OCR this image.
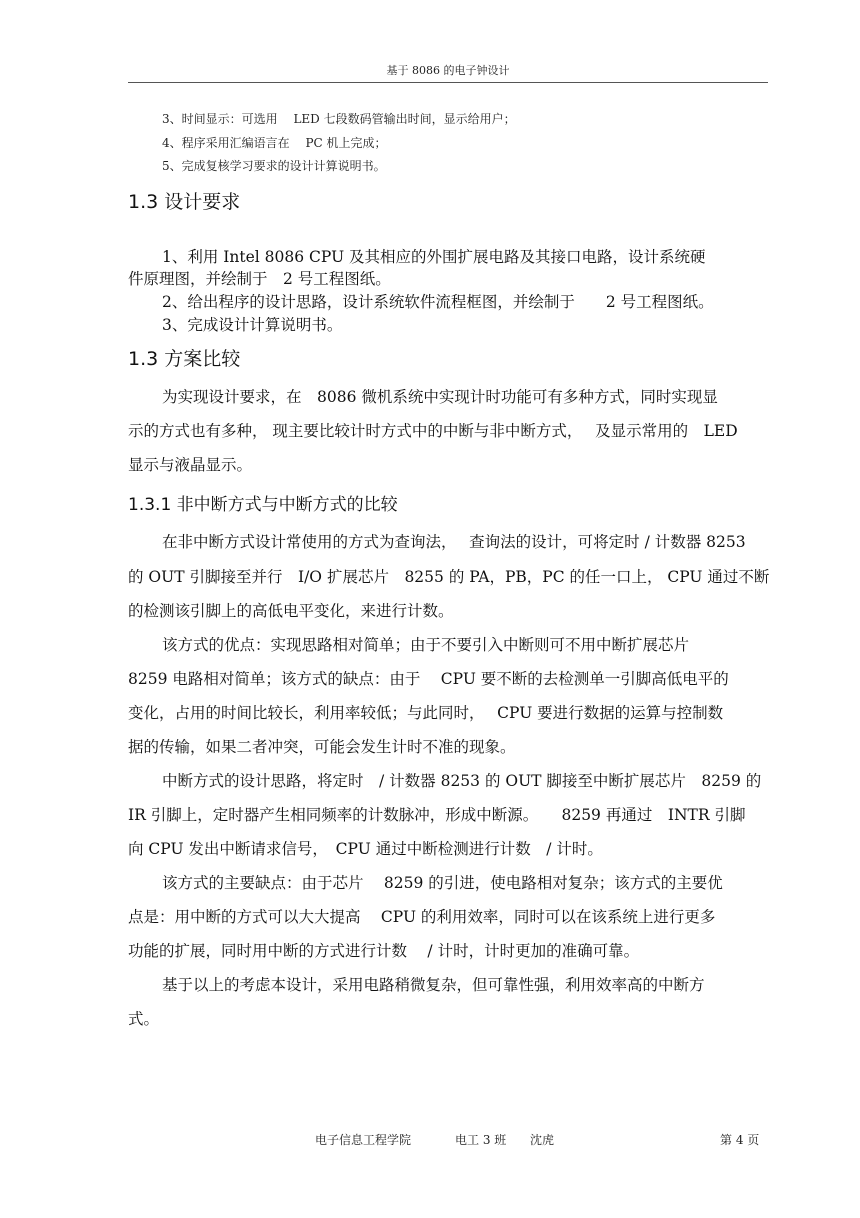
基于 8086 的电子钟设计
3、时间显示：可选用　 LED 七段数码管输出时间，显示给用户；
4、程序采用汇编语言在　 PC 机上完成；
5、完成复核学习要求的设计计算说明书。
1.3 设计要求
1、利用 Intel 8086 CPU 及其相应的外围扩展电路及其接口电路，设计系统硬
件原理图，并绘制于　2 号工程图纸。
2、给出程序的设计思路，设计系统软件流程框图，并绘制于　　2 号工程图纸。
3、完成设计计算说明书。
1.3 方案比较
为实现设计要求，在　8086 微机系统中实现计时功能可有多种方式，同时实现显
示的方式也有多种， 现主要比较计时方式中的中断与非中断方式，　 及显示常用的　LED
显示与液晶显示。
1.3.1 非中断方式与中断方式的比较
在非中断方式设计常使用的方式为查询法，　 查询法的设计，可将定时 / 计数器 8253
的 OUT 引脚接至并行　I/O 扩展芯片　8255 的 PA，PB，PC 的任一口上， CPU 通过不断
的检测该引脚上的高低电平变化，来进行计数。
该方式的优点：实现思路相对简单；由于不要引入中断则可不用中断扩展芯片
8259 电路相对简单；该方式的缺点：由于　 CPU 要不断的去检测单一引脚高低电平的
变化，占用的时间比较长，利用率较低；与此同时，　 CPU 要进行数据的运算与控制数
据的传输，如果二者冲突，可能会发生计时不准的现象。
中断方式的设计思路，将定时　/ 计数器 8253 的 OUT 脚接至中断扩展芯片　8259 的
IR 引脚上，定时器产生相同频率的计数脉冲，形成中断源。　　8259 再通过　INTR 引脚
向 CPU 发出中断请求信号，　CPU 通过中断检测进行计数　/ 计时。
该方式的主要缺点：由于芯片　 8259 的引进，使电路相对复杂；该方式的主要优
点是：用中断的方式可以大大提高　 CPU 的利用效率，同时可以在该系统上进行更多
功能的扩展，同时用中断的方式进行计数　 / 计时，计时更加的准确可靠。
基于以上的考虑本设计，采用电路稍微复杂，但可靠性强，利用效率高的中断方
式。
电子信息工程学院	电工 3 班 沈虎	第 4 页
